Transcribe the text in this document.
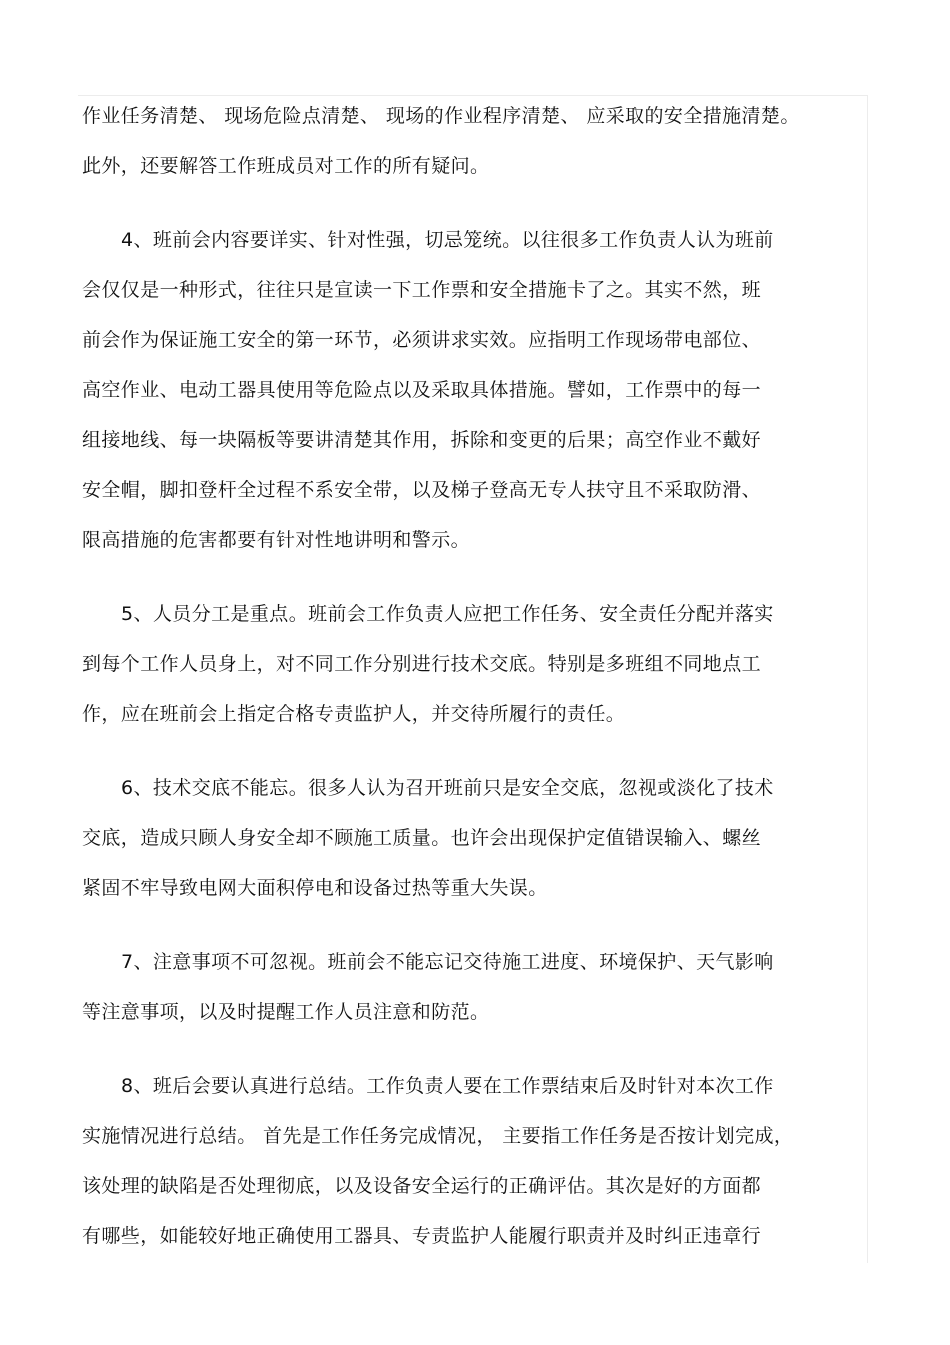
作业任务清楚、 现场危险点清楚、 现场的作业程序清楚、 应采取的安全措施清楚。

此外，还要解答工作班成员对工作的所有疑问。

4、班前会内容要详实、针对性强，切忌笼统。以往很多工作负责人认为班前

会仅仅是一种形式，往往只是宣读一下工作票和安全措施卡了之。其实不然，班

前会作为保证施工安全的第一环节，必须讲求实效。应指明工作现场带电部位、

高空作业、电动工器具使用等危险点以及采取具体措施。譬如，工作票中的每一

组接地线、每一块隔板等要讲清楚其作用，拆除和变更的后果；高空作业不戴好

安全帽，脚扣登杆全过程不系安全带，以及梯子登高无专人扶守且不采取防滑、

限高措施的危害都要有针对性地讲明和警示。

5、人员分工是重点。班前会工作负责人应把工作任务、安全责任分配并落实

到每个工作人员身上，对不同工作分别进行技术交底。特别是多班组不同地点工

作，应在班前会上指定合格专责监护人，并交待所履行的责任。

6、技术交底不能忘。很多人认为召开班前只是安全交底，忽视或淡化了技术

交底，造成只顾人身安全却不顾施工质量。也许会出现保护定值错误输入、螺丝

紧固不牢导致电网大面积停电和设备过热等重大失误。

7、注意事项不可忽视。班前会不能忘记交待施工进度、环境保护、天气影响

等注意事项，以及时提醒工作人员注意和防范。

8、班后会要认真进行总结。工作负责人要在工作票结束后及时针对本次工作

实施情况进行总结。 首先是工作任务完成情况， 主要指工作任务是否按计划完成，

该处理的缺陷是否处理彻底，以及设备安全运行的正确评估。其次是好的方面都

有哪些，如能较好地正确使用工器具、专责监护人能履行职责并及时纠正违章行
